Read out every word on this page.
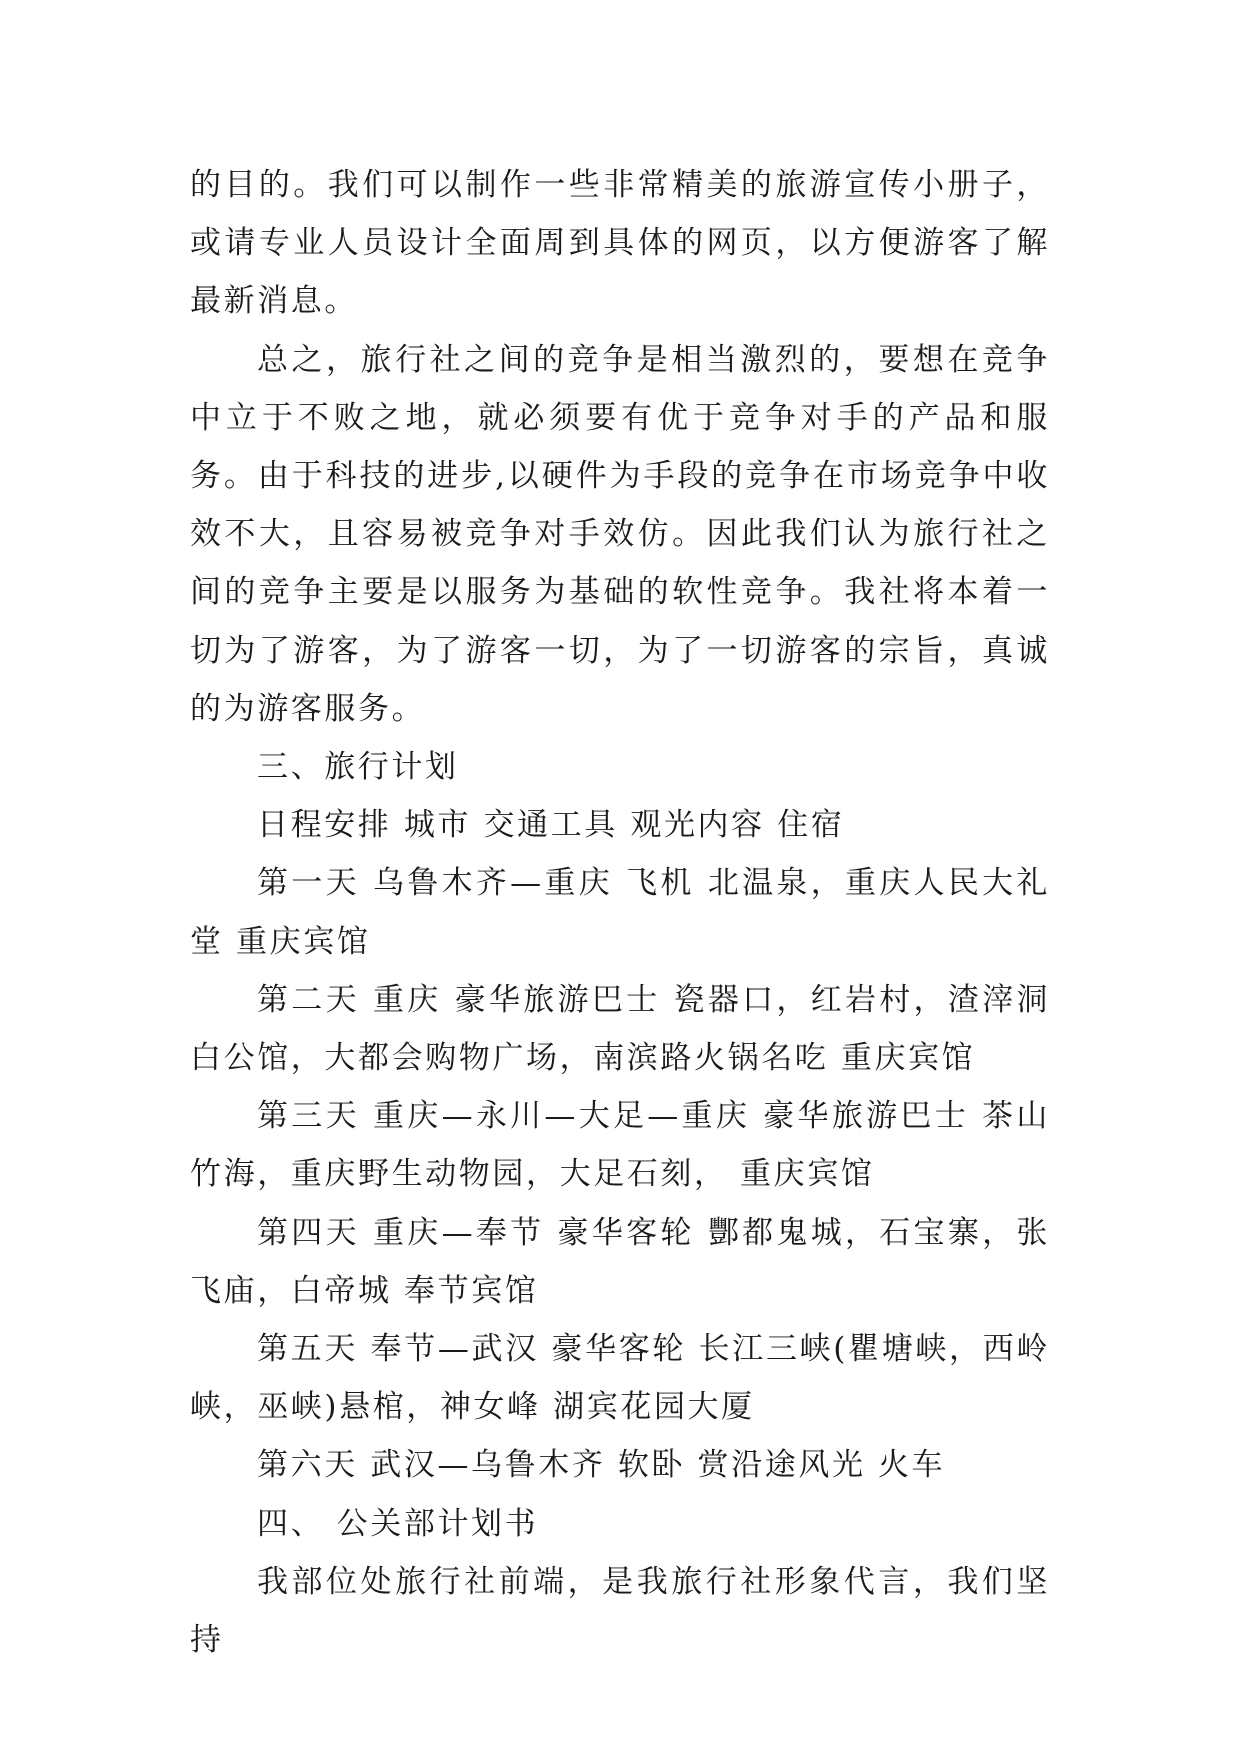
的目的。我们可以制作一些非常精美的旅游宣传小册子，或请专业人员设计全面周到具体的网页，以方便游客了解最新消息。

总之，旅行社之间的竞争是相当激烈的，要想在竞争中立于不败之地，就必须要有优于竞争对手的产品和服务。由于科技的进步,以硬件为手段的竞争在市场竞争中收效不大，且容易被竞争对手效仿。因此我们认为旅行社之间的竞争主要是以服务为基础的软性竞争。我社将本着一切为了游客，为了游客一切，为了一切游客的宗旨，真诚的为游客服务。

三、旅行计划

日程安排 城市 交通工具 观光内容 住宿

第一天 乌鲁木齐—重庆 飞机 北温泉，重庆人民大礼堂 重庆宾馆

第二天 重庆 豪华旅游巴士 瓷器口，红岩村，渣滓洞白公馆，大都会购物广场，南滨路火锅名吃 重庆宾馆

第三天 重庆—永川—大足—重庆 豪华旅游巴士 茶山竹海，重庆野生动物园，大足石刻， 重庆宾馆

第四天 重庆—奉节 豪华客轮 酆都鬼城，石宝寨，张飞庙，白帝城 奉节宾馆

第五天 奉节—武汉 豪华客轮 长江三峡(瞿塘峡，西岭峡，巫峡)悬棺，神女峰 湖宾花园大厦

第六天 武汉—乌鲁木齐 软卧 赏沿途风光 火车

四、 公关部计划书

我部位处旅行社前端，是我旅行社形象代言，我们坚持
